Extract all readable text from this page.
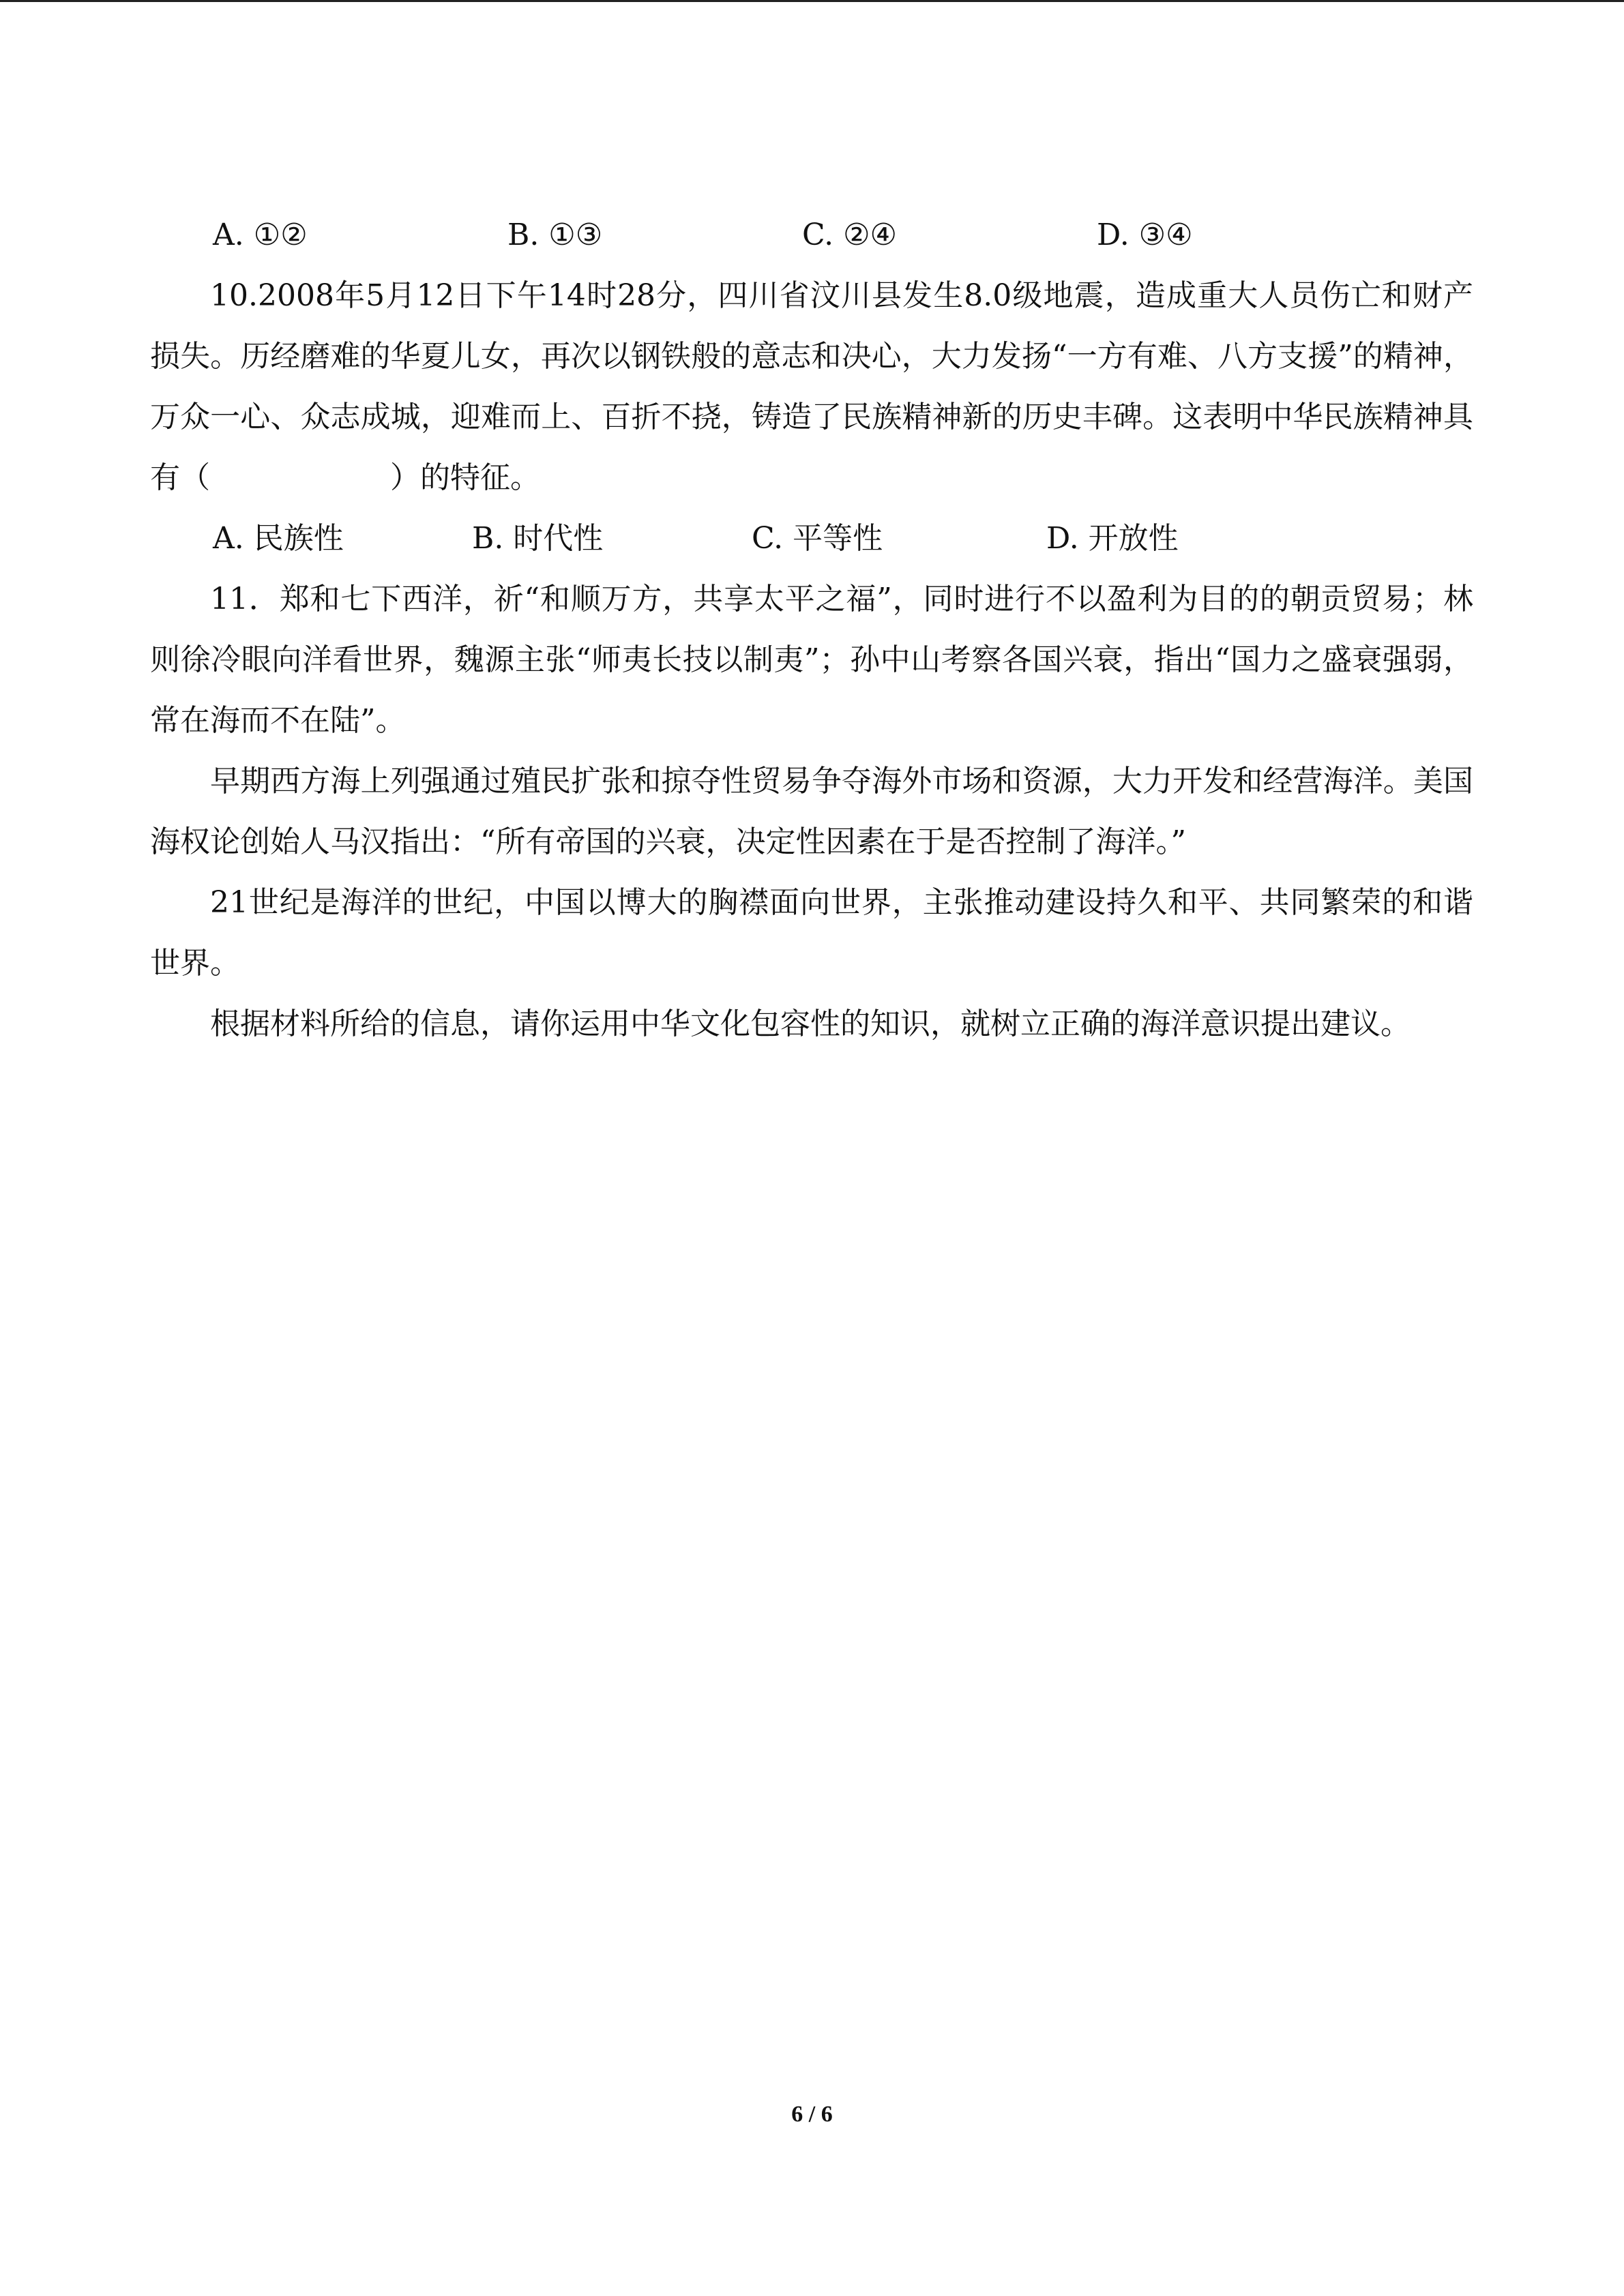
A. ①②	B. ①③	C. ②④	D. ③④

10.2008年5月12日下午14时28分，四川省汶川县发生8.0级地震，造成重大人员伤亡和财产损失。历经磨难的华夏儿女，再次以钢铁般的意志和决心，大力发扬“一方有难、八方支援”的精神，万众一心、众志成城，迎难而上、百折不挠，铸造了民族精神新的历史丰碑。这表明中华民族精神具有（　　　　　　）的特征。

A. 民族性	B. 时代性	C. 平等性	D. 开放性

11．郑和七下西洋，祈“和顺万方，共享太平之福”，同时进行不以盈利为目的的朝贡贸易；林则徐冷眼向洋看世界，魏源主张“师夷长技以制夷”；孙中山考察各国兴衰，指出“国力之盛衰强弱，常在海而不在陆”。

早期西方海上列强通过殖民扩张和掠夺性贸易争夺海外市场和资源，大力开发和经营海洋。美国海权论创始人马汉指出：“所有帝国的兴衰，决定性因素在于是否控制了海洋。”

21世纪是海洋的世纪，中国以博大的胸襟面向世界，主张推动建设持久和平、共同繁荣的和谐世界。

根据材料所给的信息，请你运用中华文化包容性的知识，就树立正确的海洋意识提出建议。

6 / 6
